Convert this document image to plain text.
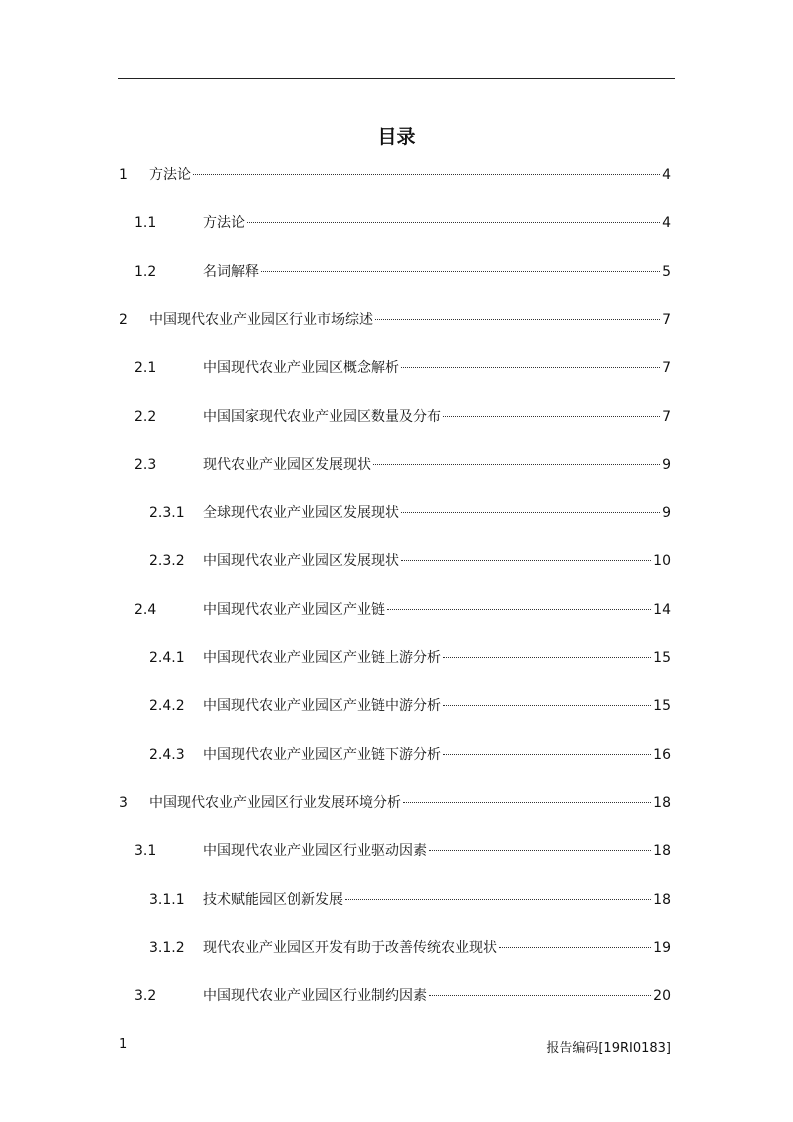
目录
1	方法论	4
1.1	方法论	4
1.2	名词解释	5
2	中国现代农业产业园区行业市场综述	7
2.1	中国现代农业产业园区概念解析	7
2.2	中国国家现代农业产业园区数量及分布	7
2.3	现代农业产业园区发展现状	9
2.3.1	全球现代农业产业园区发展现状	9
2.3.2	中国现代农业产业园区发展现状	10
2.4	中国现代农业产业园区产业链	14
2.4.1	中国现代农业产业园区产业链上游分析	15
2.4.2	中国现代农业产业园区产业链中游分析	15
2.4.3	中国现代农业产业园区产业链下游分析	16
3	中国现代农业产业园区行业发展环境分析	18
3.1	中国现代农业产业园区行业驱动因素	18
3.1.1	技术赋能园区创新发展	18
3.1.2	现代农业产业园区开发有助于改善传统农业现状	19
3.2	中国现代农业产业园区行业制约因素	20
1	报告编码[19RI0183]
